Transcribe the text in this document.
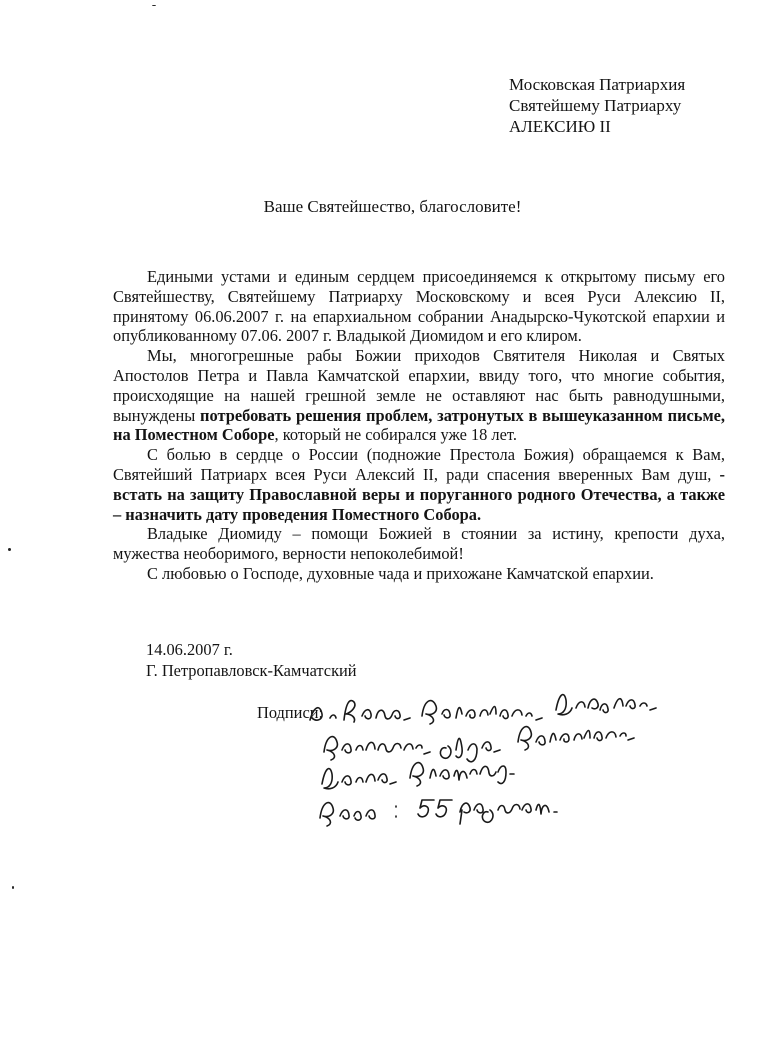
Московская Патриархия
Святейшему Патриарху
АЛЕКСИЮ II
Ваше Святейшество, благословите!

Едиными устами и единым сердцем присоединяемся к открытому письму его Святейшеству, Святейшему Патриарху Московскому и всея Руси Алексию II, принятому 06.06.2007 г. на епархиальном собрании Анадырско-Чукотской епархии и опубликованному 07.06. 2007 г. Владыкой Диомидом и его клиром.

Мы, многогрешные рабы Божии приходов Святителя Николая и Святых Апостолов Петра и Павла Камчатской епархии, ввиду того, что многие события, происходящие на нашей грешной земле не оставляют нас быть равнодушными, вынуждены потребовать решения проблем, затронутых в вышеуказанном письме, на Поместном Соборе, который не собирался уже 18 лет.

С болью в сердце о России (подножие Престола Божия) обращаемся к Вам, Святейший Патриарх всея Руси Алексий II, ради спасения вверенных Вам душ, - встать на защиту Православной веры и поруганного родного Отечества, а также – назначить дату проведения Поместного Собора.

Владыке Диомиду – помощи Божией в стоянии за истину, крепости духа, мужества необоримого, верности непоколебимой!

С любовью о Господе, духовные чада и прихожане Камчатской епархии.

14.06.2007 г.
Г. Петропавловск-Камчатский
Подписи:
